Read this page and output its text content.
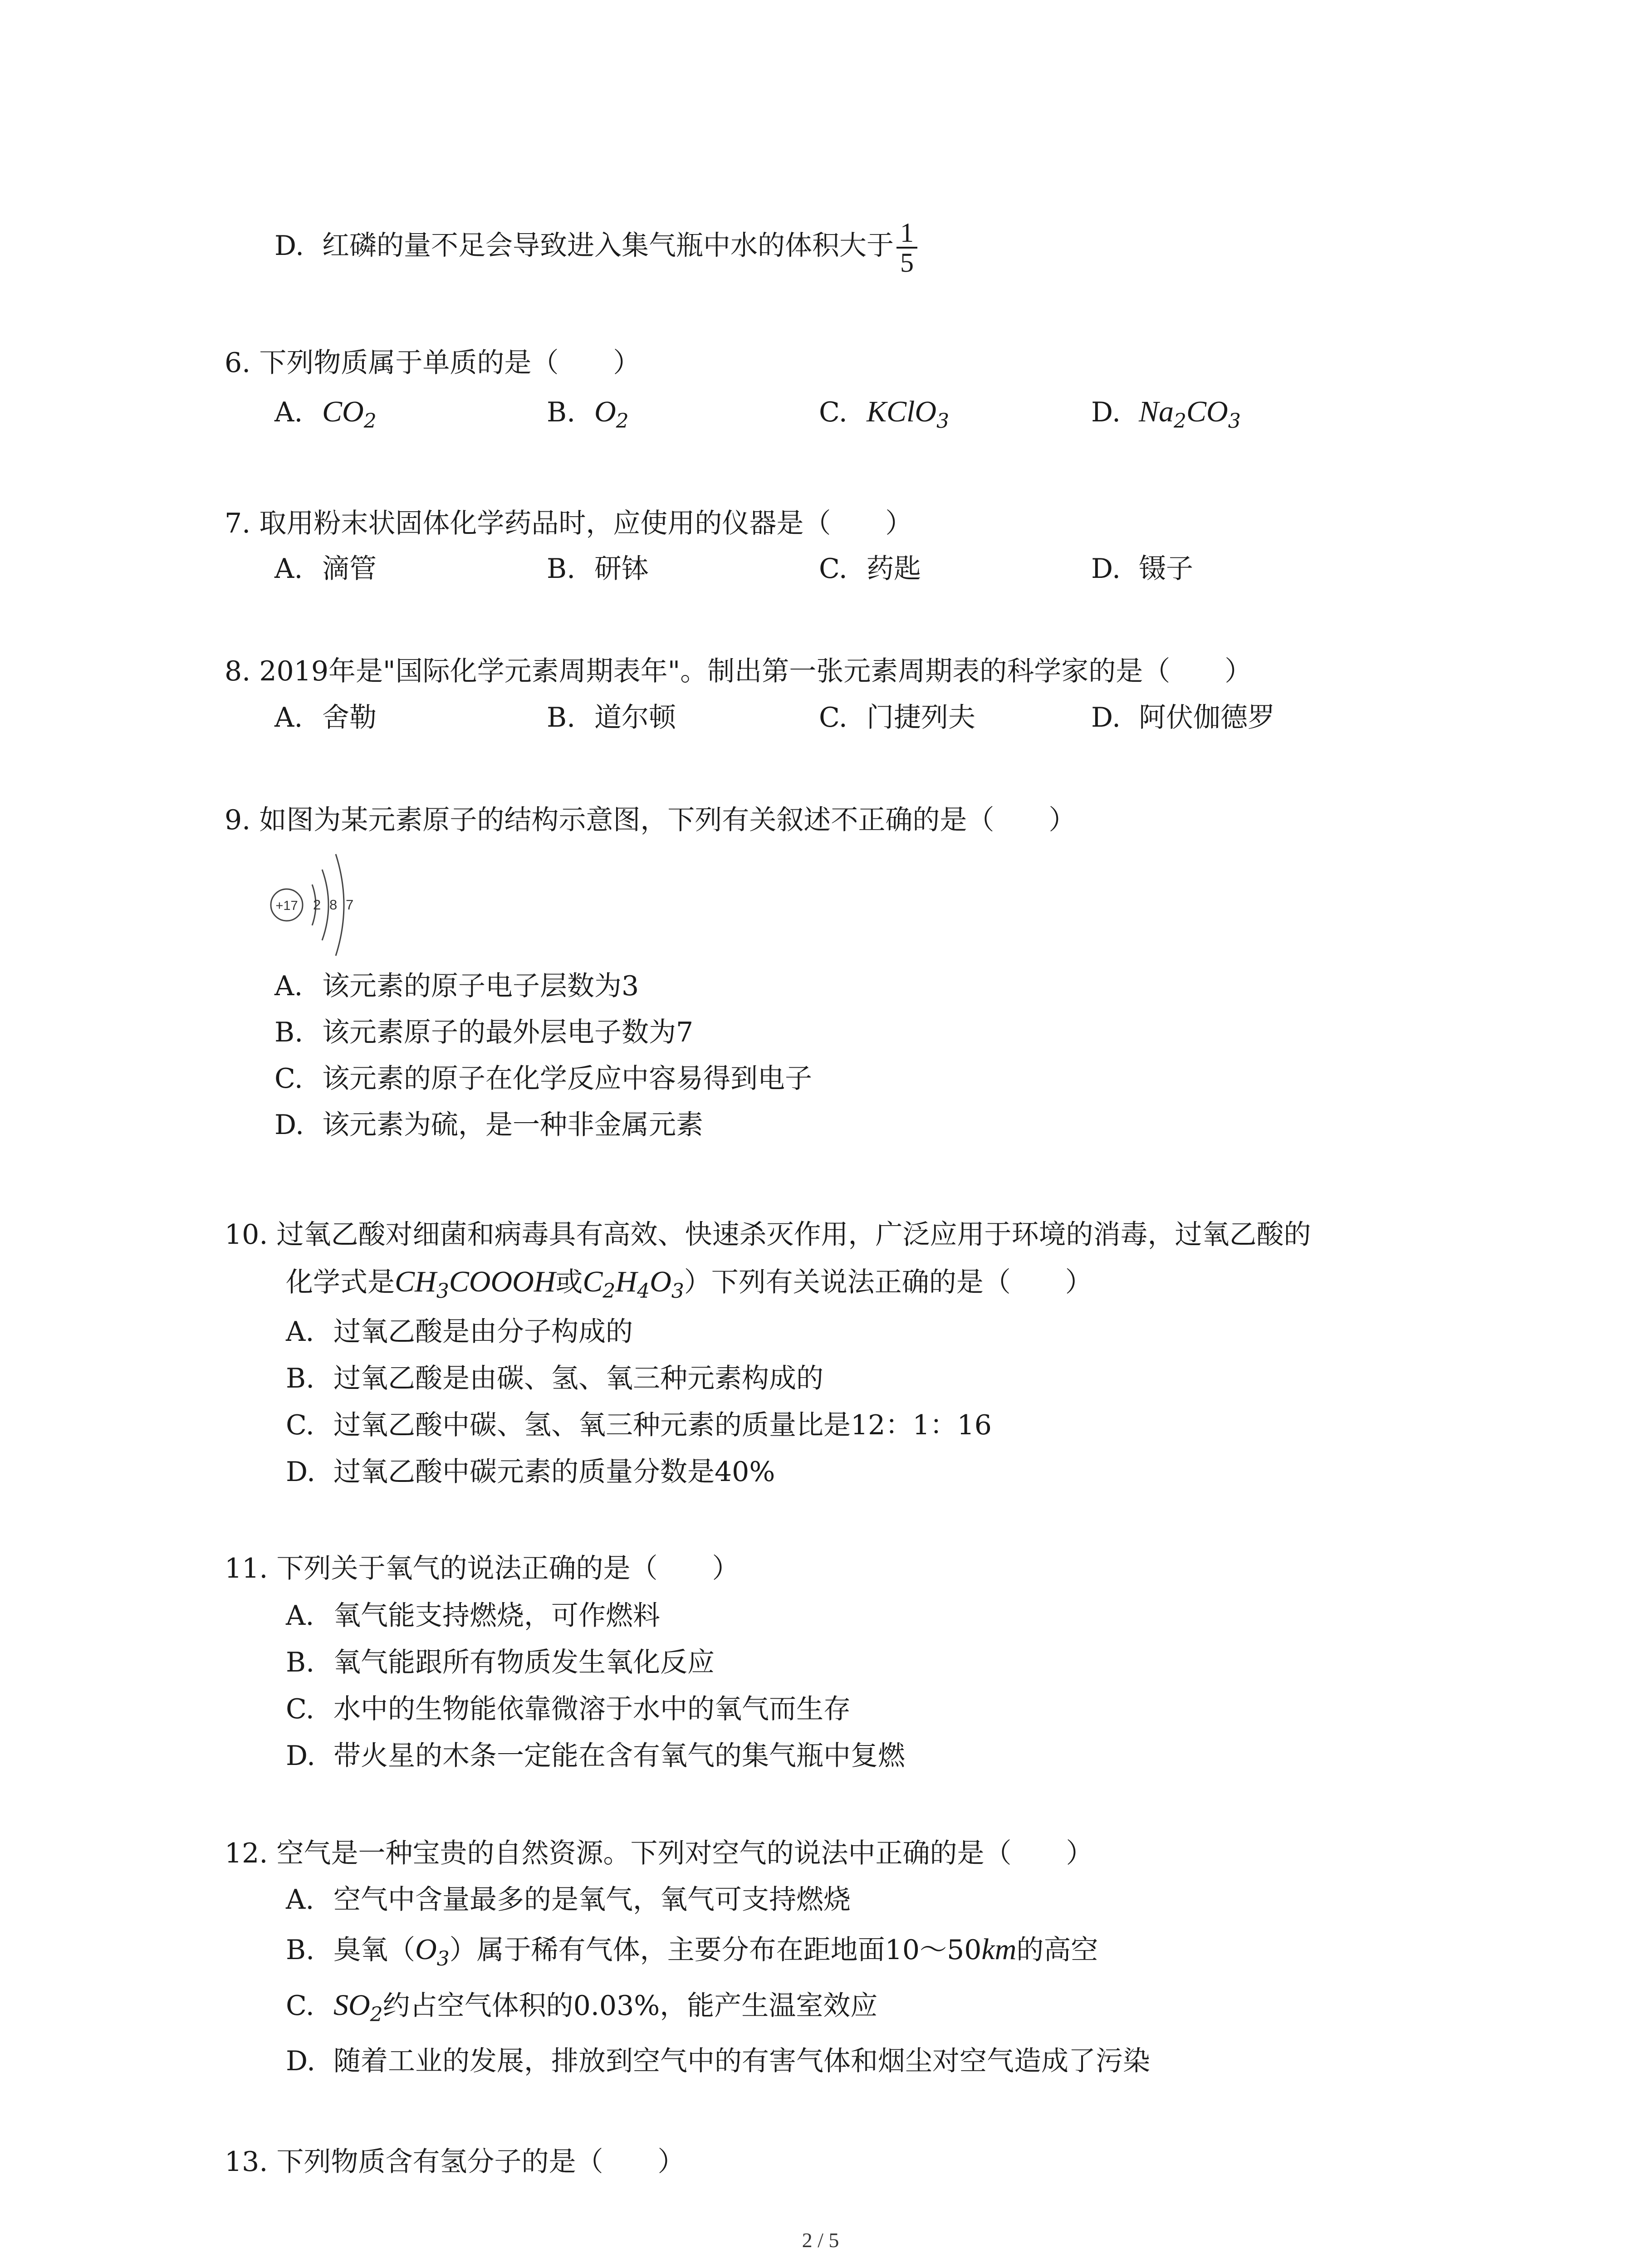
D. 红磷的量不足会导致进入集气瓶中水的体积大于 $\frac{1}{5}$
6. 下列物质属于单质的是（　　）
A. $CO_2$	B. $O_2$	C. KClO$_3$	D. $Na_2CO_3$
7. 取用粉末状固体化学药品时，应使用的仪器是（　　）
A. 滴管	B. 研钵	C. 药匙	D. 镊子
8. 2019年是"国际化学元素周期表年"。制出第一张元素周期表的科学家的是（　　）
A. 舍勒	B. 道尔顿	C. 门捷列夫	D. 阿伏伽德罗
9. 如图为某元素原子的结构示意图，下列有关叙述不正确的是（　　）
+17 2 8 7
A. 该元素的原子电子层数为3
B. 该元素原子的最外层电子数为7
C. 该元素的原子在化学反应中容易得到电子
D. 该元素为硫，是一种非金属元素
10. 过氧乙酸对细菌和病毒具有高效、快速杀灭作用，广泛应用于环境的消毒，过氧乙酸的
化学式是$CH_3COOOH$或$C_2H_4O_3$）下列有关说法正确的是（　　）
A. 过氧乙酸是由分子构成的
B. 过氧乙酸是由碳、氢、氧三种元素构成的
C. 过氧乙酸中碳、氢、氧三种元素的质量比是12：1：16
D. 过氧乙酸中碳元素的质量分数是40%
11. 下列关于氧气的说法正确的是（　　）
A. 氧气能支持燃烧，可作燃料
B. 氧气能跟所有物质发生氧化反应
C. 水中的生物能依靠微溶于水中的氧气而生存
D. 带火星的木条一定能在含有氧气的集气瓶中复燃
12. 空气是一种宝贵的自然资源。下列对空气的说法中正确的是（　　）
A. 空气中含量最多的是氧气，氧气可支持燃烧
B. 臭氧$(O_3)$属于稀有气体，主要分布在距地面10～50km的高空
C. $SO_2$约占空气体积的0.03%，能产生温室效应
D. 随着工业的发展，排放到空气中的有害气体和烟尘对空气造成了污染
13. 下列物质含有氢分子的是（　　）
2 / 5
